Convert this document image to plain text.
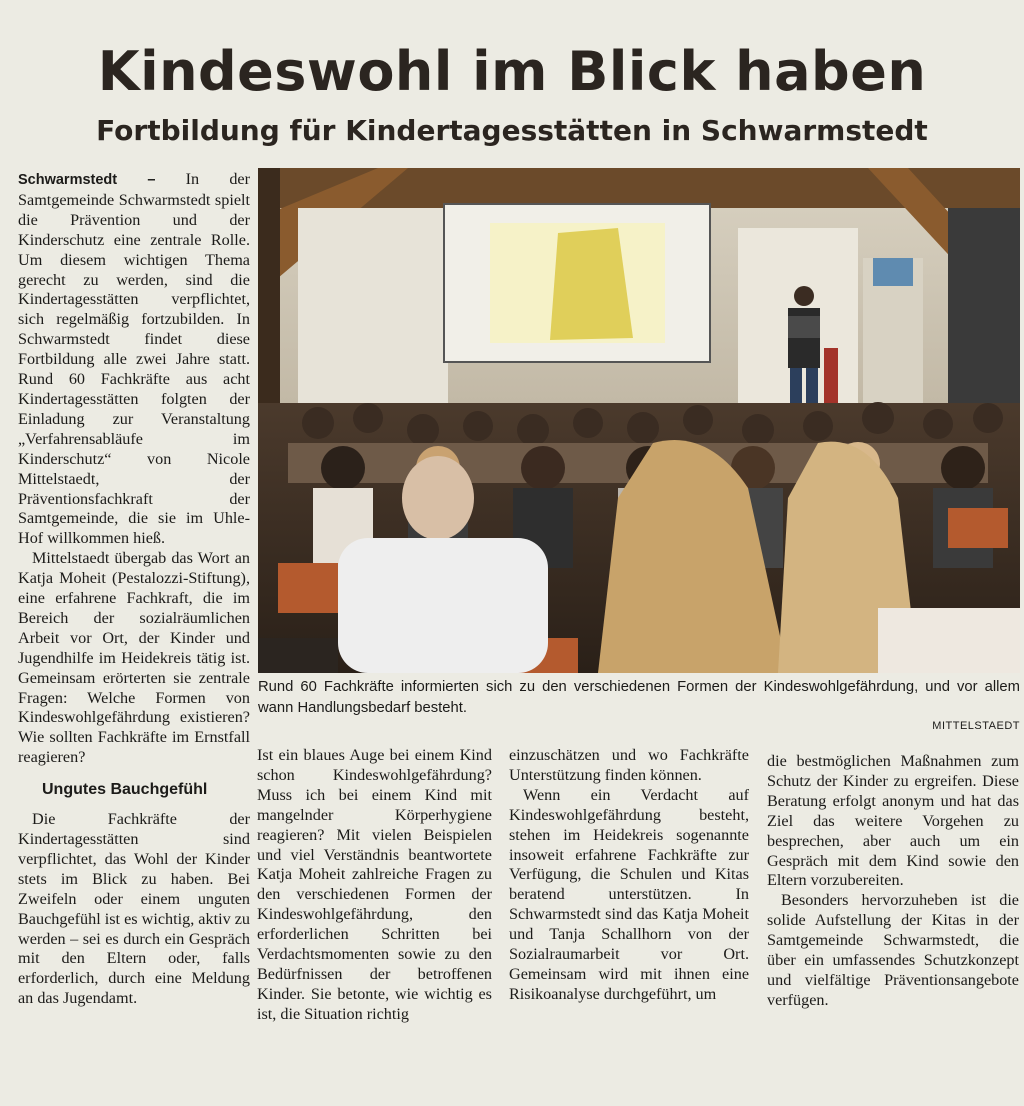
Kindeswohl im Blick haben
Fortbildung für Kindertagesstätten in Schwarmstedt

Schwarmstedt – In der Samtgemeinde Schwarmstedt spielt die Prävention und der Kinderschutz eine zentrale Rolle. Um diesem wichtigen Thema gerecht zu werden, sind die Kindertagesstätten verpflichtet, sich regelmäßig fortzubilden. In Schwarmstedt findet diese Fortbildung alle zwei Jahre statt. Rund 60 Fachkräfte aus acht Kindertagesstätten folgten der Einladung zur Veranstaltung „Verfahrensabläufe im Kinderschutz“ von Nicole Mittelstaedt, der Präventionsfachkraft der Samtgemeinde, die sie im Uhle-Hof willkommen hieß.

Mittelstaedt übergab das Wort an Katja Moheit (Pestalozzi-Stiftung), eine erfahrene Fachkraft, die im Bereich der sozialräumlichen Arbeit vor Ort, der Kinder und Jugendhilfe im Heidekreis tätig ist. Gemeinsam erörterten sie zentrale Fragen: Welche Formen von Kindeswohlgefährdung existieren? Wie sollten Fachkräfte im Ernstfall reagieren?

Ungutes Bauchgefühl

Die Fachkräfte der Kindertagesstätten sind verpflichtet, das Wohl der Kinder stets im Blick zu haben. Bei Zweifeln oder einem unguten Bauchgefühl ist es wichtig, aktiv zu werden – sei es durch ein Gespräch mit den Eltern oder, falls erforderlich, durch eine Meldung an das Jugendamt.

Rund 60 Fachkräfte informierten sich zu den verschiedenen Formen der Kindeswohlgefährdung, und vor allem wann Handlungsbedarf besteht.
MITTELSTAEDT

Ist ein blaues Auge bei einem Kind schon Kindeswohlgefährdung? Muss ich bei einem Kind mit mangelnder Körperhygiene reagieren? Mit vielen Beispielen und viel Verständnis beantwortete Katja Moheit zahlreiche Fragen zu den verschiedenen Formen der Kindeswohlgefährdung, den erforderlichen Schritten bei Verdachtsmomenten sowie zu den Bedürfnissen der betroffenen Kinder. Sie betonte, wie wichtig es ist, die Situation richtig

einzuschätzen und wo Fachkräfte Unterstützung finden können.

Wenn ein Verdacht auf Kindeswohlgefährdung besteht, stehen im Heidekreis sogenannte insoweit erfahrene Fachkräfte zur Verfügung, die Schulen und Kitas beratend unterstützen. In Schwarmstedt sind das Katja Moheit und Tanja Schallhorn von der Sozialraumarbeit vor Ort. Gemeinsam wird mit ihnen eine Risikoanalyse durchgeführt, um

die bestmöglichen Maßnahmen zum Schutz der Kinder zu ergreifen. Diese Beratung erfolgt anonym und hat das Ziel das weitere Vorgehen zu besprechen, aber auch um ein Gespräch mit dem Kind sowie den Eltern vorzubereiten.

Besonders hervorzuheben ist die solide Aufstellung der Kitas in der Samtgemeinde Schwarmstedt, die über ein umfassendes Schutzkonzept und vielfältige Präventionsangebote verfügen.
